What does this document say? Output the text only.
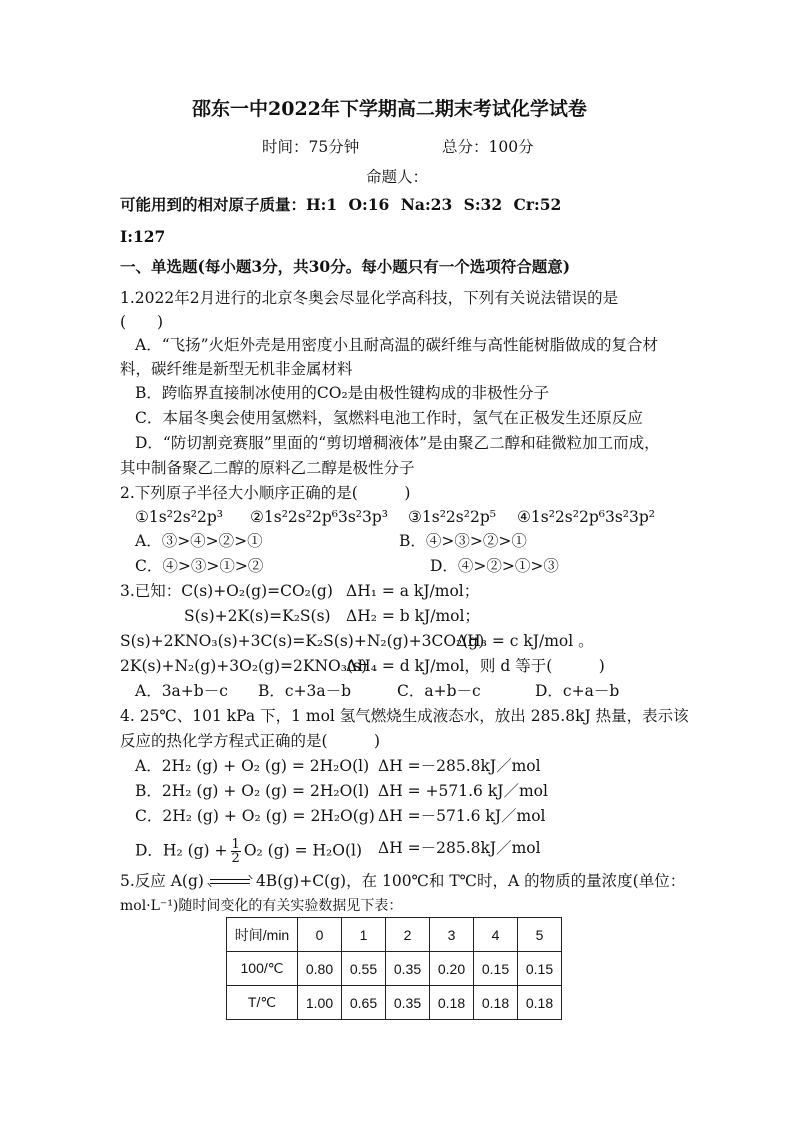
邵东一中2022年下学期高二期末考试化学试卷
时间：75分钟	总分：100分
命题人：
可能用到的相对原子质量：H:1 O:16 Na:23 S:32 Cr:52
I:127
一、单选题(每小题3分，共30分。每小题只有一个选项符合题意)
1.2022年2月进行的北京冬奥会尽显化学高科技，下列有关说法错误的是
(　　)
A．“飞扬”火炬外壳是用密度小且耐高温的碳纤维与高性能树脂做成的复合材
料，碳纤维是新型无机非金属材料
B．跨临界直接制冰使用的CO₂是由极性键构成的非极性分子
C．本届冬奥会使用氢燃料，氢燃料电池工作时，氢气在正极发生还原反应
D．“防切割竞赛服”里面的“剪切增稠液体”是由聚乙二醇和硅微粒加工而成，
其中制备聚乙二醇的原料乙二醇是极性分子
2.下列原子半径大小顺序正确的是(　　　)
①1s²2s²2p³ ②1s²2s²2p⁶3s²3p³ ③1s²2s²2p⁵ ④1s²2s²2p⁶3s²3p²
A．③>④>②>①	B．④>③>②>①
C．④>③>①>②	D．④>②>①>③
3.已知：C(s)+O₂(g)=CO₂(g) ΔH₁ = a kJ/mol；
S(s)+2K(s)=K₂S(s) ΔH₂ = b kJ/mol；
S(s)+2KNO₃(s)+3C(s)=K₂S(s)+N₂(g)+3CO₂(g)
ΔH₃ = c kJ/mol 。
2K(s)+N₂(g)+3O₂(g)=2KNO₃(s)
ΔH₄ = d kJ/mol，则 d 等于(　　　)
A．3a+b－c B．c+3a－b	C．a+b－c	D．c+a－b
4. 25℃、101 kPa 下，1 mol 氢气燃烧生成液态水，放出 285.8kJ 热量，表示该
反应的热化学方程式正确的是(　　　)
A．2H₂ (g) + O₂ (g) = 2H₂O(l) ΔH =－285.8kJ／mol
B．2H₂ (g) + O₂ (g) = 2H₂O(l) ΔH = +571.6 kJ／mol
C．2H₂ (g) + O₂ (g) = 2H₂O(g) ΔH =－571.6 kJ／mol
D．H₂ $(g) + \frac{1}{2} O_2$ (g) = H₂O(l) ΔH =－285.8kJ／mol
5.反应 A(g)	4B(g)+C(g)，在 100℃和 T℃时，A 的物质的量浓度(单位：
mol·L⁻¹)随时间变化的有关实验数据见下表：
时间/min	0	1	2	3	4	5
100/℃	0.80	0.55	0.35	0.20	0.15	0.15
T/℃	1.00	0.65	0.35	0.18	0.18	0.18
